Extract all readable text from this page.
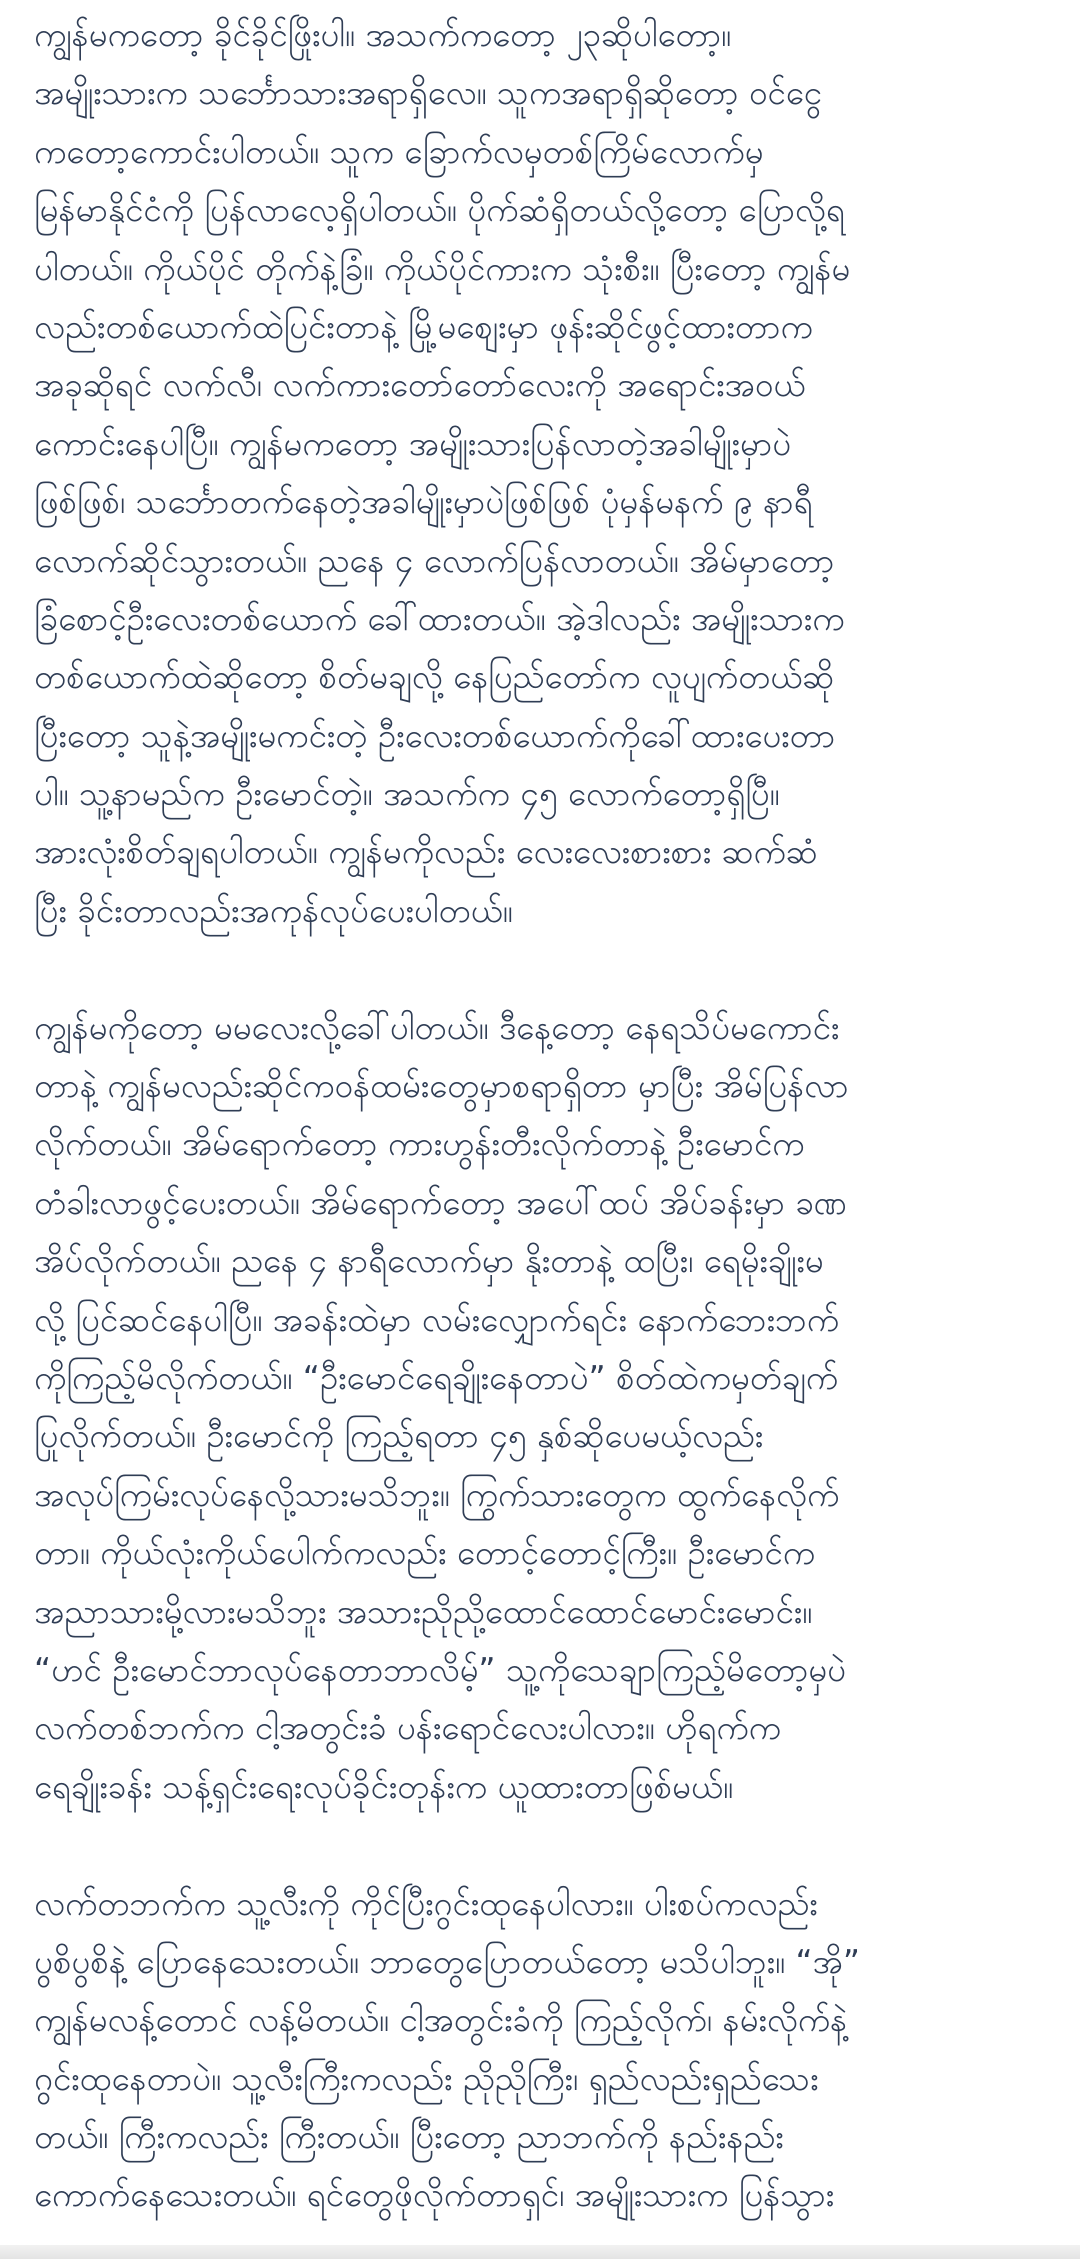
ကျွန်မကတော့ ခိုင်ခိုင်ဖြိုးပါ။ အသက်ကတော့ ၂၃ဆိုပါတော့။
အမျိုးသားက သင်္ဘောသားအရာရှိလေ။ သူကအရာရှိဆိုတော့ ဝင်ငွေ
ကတော့ကောင်းပါတယ်။ သူက ခြောက်လမှတစ်ကြိမ်လောက်မှ
မြန်မာနိုင်ငံကို ပြန်လာလေ့ရှိပါတယ်။ ပိုက်ဆံရှိတယ်လို့တော့ ပြောလို့ရ
ပါတယ်။ ကိုယ်ပိုင် တိုက်နဲ့ခြံ။ ကိုယ်ပိုင်ကားက သုံးစီး။ ပြီးတော့ ကျွန်မ
လည်းတစ်ယောက်ထဲပြင်းတာနဲ့ မြို့မစျေးမှာ ဖုန်းဆိုင်ဖွင့်ထားတာက
အခုဆိုရင် လက်လီ၊ လက်ကားတော်တော်လေးကို အရောင်းအဝယ်
ကောင်းနေပါပြီ။ ကျွန်မကတော့ အမျိုးသားပြန်လာတဲ့အခါမျိုးမှာပဲ
ဖြစ်ဖြစ်၊ သင်္ဘောတက်နေတဲ့အခါမျိုးမှာပဲဖြစ်ဖြစ် ပုံမှန်မနက် ၉ နာရီ
လောက်ဆိုင်သွားတယ်။ ညနေ ၄ လောက်ပြန်လာတယ်။ အိမ်မှာတော့
ခြံစောင့်ဦးလေးတစ်ယောက် ခေါ်ထားတယ်။ အဲ့ဒါလည်း အမျိုးသားက
တစ်ယောက်ထဲဆိုတော့ စိတ်မချလို့ နေပြည်တော်က လူပျက်တယ်ဆို
ပြီးတော့ သူနဲ့အမျိုးမကင်းတဲ့ ဦးလေးတစ်ယောက်ကိုခေါ်ထားပေးတာ
ပါ။ သူ့နာမည်က ဦးမောင်တဲ့။ အသက်က ၄၅ လောက်တော့ရှိပြီ။
အားလုံးစိတ်ချရပါတယ်။ ကျွန်မကိုလည်း လေးလေးစားစား ဆက်ဆံ
ပြီး ခိုင်းတာလည်းအကုန်လုပ်ပေးပါတယ်။
ကျွန်မကိုတော့ မမလေးလို့ခေါ်ပါတယ်။ ဒီနေ့တော့ နေရသိပ်မကောင်း
တာနဲ့ ကျွန်မလည်းဆိုင်ကဝန်ထမ်းတွေမှာစရာရှိတာ မှာပြီး အိမ်ပြန်လာ
လိုက်တယ်။ အိမ်ရောက်တော့ ကားဟွန်းတီးလိုက်တာနဲ့ ဦးမောင်က
တံခါးလာဖွင့်ပေးတယ်။ အိမ်ရောက်တော့ အပေါ်ထပ် အိပ်ခန်းမှာ ခဏ
အိပ်လိုက်တယ်။ ညနေ ၄ နာရီလောက်မှာ နိုးတာနဲ့ ထပြီး၊ ရေမိုးချိုးမ
လို့ ပြင်ဆင်နေပါပြီ။ အခန်းထဲမှာ လမ်းလျှောက်ရင်း နောက်ဘေးဘက်
ကိုကြည့်မိလိုက်တယ်။ “ဦးမောင်ရေချိုးနေတာပဲ” စိတ်ထဲကမှတ်ချက်
ပြုလိုက်တယ်။ ဦးမောင်ကို ကြည့်ရတာ ၄၅ နှစ်ဆိုပေမယ့်လည်း
အလုပ်ကြမ်းလုပ်နေလို့သားမသိဘူး။ ကြွက်သားတွေက ထွက်နေလိုက်
တာ။ ကိုယ်လုံးကိုယ်ပေါက်ကလည်း တောင့်တောင့်ကြီး။ ဦးမောင်က
အညာသားမို့လားမသိဘူး အသားညိုညို့ထောင်ထောင်မောင်းမောင်း။
“ဟင် ဦးမောင်ဘာလုပ်နေတာဘာလိမ့်” သူ့ကိုသေချာကြည့်မိတော့မှပဲ
လက်တစ်ဘက်က ငါ့အတွင်းခံ ပန်းရောင်လေးပါလား။ ဟိုရက်က
ရေချိုးခန်း သန့်ရှင်းရေးလုပ်ခိုင်းတုန်းက ယူထားတာဖြစ်မယ်။
လက်တဘက်က သူ့လီးကို ကိုင်ပြီးဂွင်းထုနေပါလား။ ပါးစပ်ကလည်း
ပွစိပွစိနဲ့ ပြောနေသေးတယ်။ ဘာတွေပြောတယ်တော့ မသိပါဘူး။ “အို”
ကျွန်မလန့်တောင် လန့်မိတယ်။ ငါ့အတွင်းခံကို ကြည့်လိုက်၊ နမ်းလိုက်နဲ့
ဂွင်းထုနေတာပဲ။ သူ့လီးကြီးကလည်း ညိုညိုကြီး၊ ရှည်လည်းရှည်သေး
တယ်။ ကြီးကလည်း ကြီးတယ်။ ပြီးတော့ ညာဘက်ကို နည်းနည်း
ကောက်နေသေးတယ်။ ရင်တွေဖိုလိုက်တာရှင်၊ အမျိုးသားက ပြန်သွား
